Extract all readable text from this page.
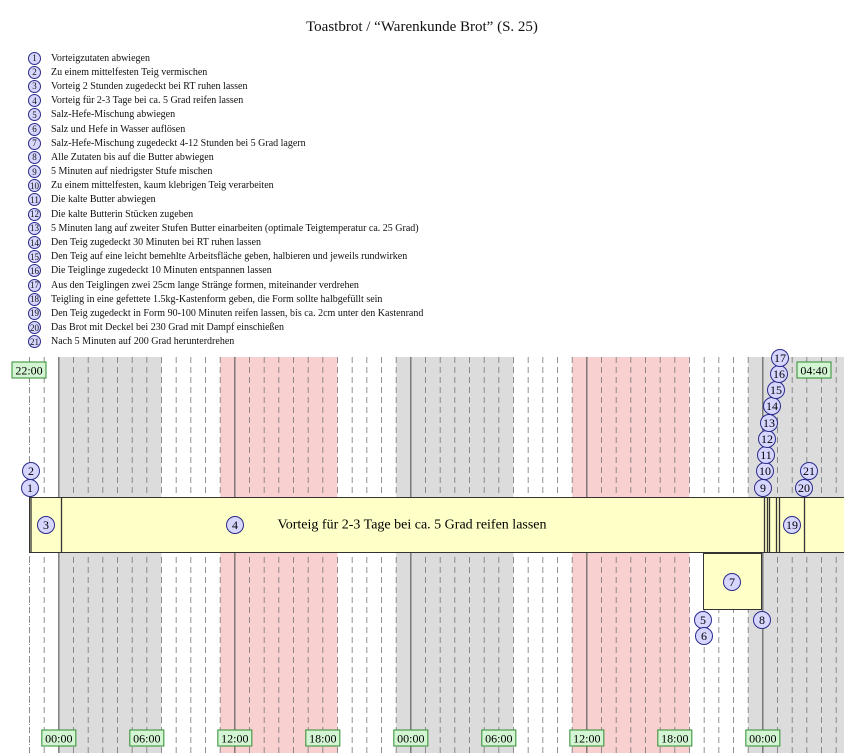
Toastbrot / “Warenkunde Brot” (S. 25)
1	Vorteigzutaten abwiegen
2	Zu einem mittelfesten Teig vermischen
3	Vorteig 2 Stunden zugedeckt bei RT ruhen lassen
4	Vorteig für 2-3 Tage bei ca. 5 Grad reifen lassen
5	Salz-Hefe-Mischung abwiegen
6	Salz und Hefe in Wasser auflösen
7	Salz-Hefe-Mischung zugedeckt 4-12 Stunden bei 5 Grad lagern
8	Alle Zutaten bis auf die Butter abwiegen
9	5 Minuten auf niedrigster Stufe mischen
10 Zu einem mittelfesten, kaum klebrigen Teig verarbeiten
11 Die kalte Butter abwiegen
12 Die kalte Butterin Stücken zugeben
13 5 Minuten lang auf zweiter Stufen Butter einarbeiten (optimale Teigtemperatur ca. 25 Grad)
14 Den Teig zugedeckt 30 Minuten bei RT ruhen lassen
15 Den Teig auf eine leicht bemehlte Arbeitsfläche geben, halbieren und jeweils rundwirken
16 Die Teiglinge zugedeckt 10 Minuten entspannen lassen
17 Aus den Teiglingen zwei 25cm lange Stränge formen, miteinander verdrehen
18 Teigling in eine gefettete 1.5kg-Kastenform geben, die Form sollte halbgefüllt sein
19 Den Teig zugedeckt in Form 90-100 Minuten reifen lassen, bis ca. 2cm unter den Kastenrand
20 Das Brot mit Deckel bei 230 Grad mit Dampf einschießen
21 Nach 5 Minuten auf 200 Grad herunterdrehen
Vorteig für 2-3 Tage bei ca. 5 Grad reifen lassen
1
2
3	4
5
6
7
8
9
10
11
12
13
14
15
16
17
19
20
21
22:00	04:40
00:00	06:00	12:00	18:00	00:00	06:00	12:00	18:00	00:00
